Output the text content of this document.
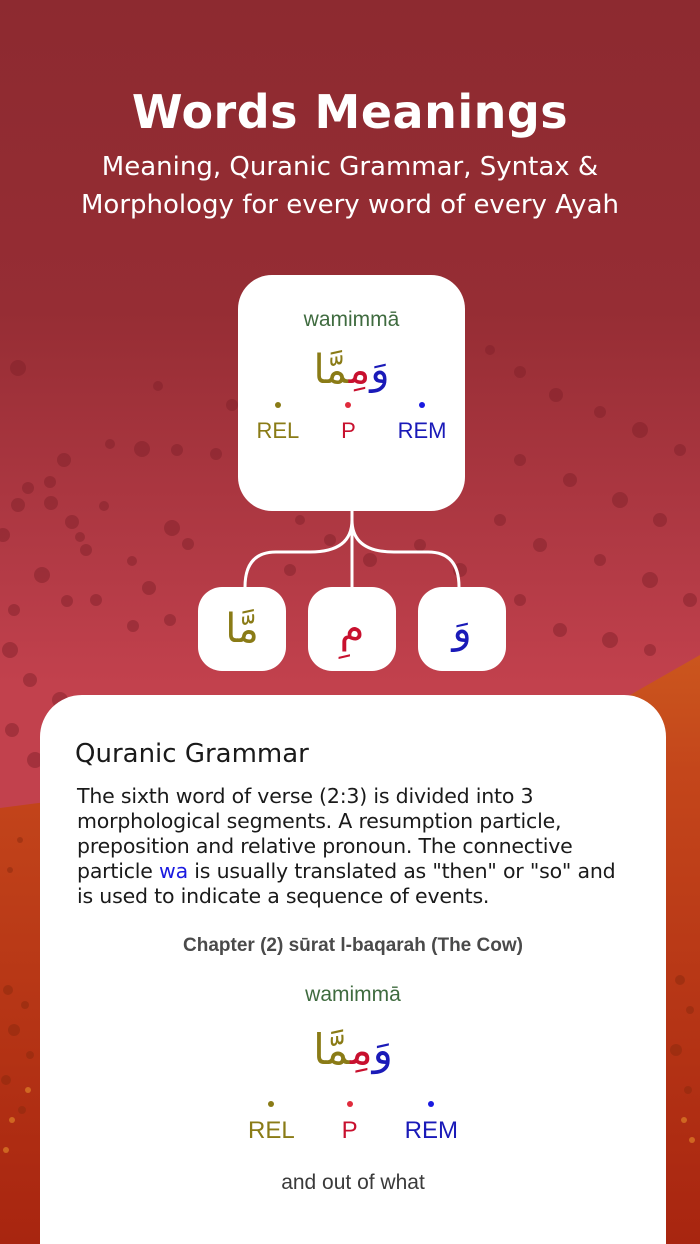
Words Meanings
Meaning, Quranic Grammar, Syntax &
Morphology for every word of every Ayah
wamimmā
وَمِمَّا
REL P REM
مَّا مِ وَ
Quranic Grammar
The sixth word of verse (2:3) is divided into 3 morphological segments. A resumption particle, preposition and relative pronoun. The connective particle wa is usually translated as "then" or "so" and is used to indicate a sequence of events.
Chapter (2) sūrat l-baqarah (The Cow)
wamimmā
وَمِمَّا
REL P REM
and out of what
